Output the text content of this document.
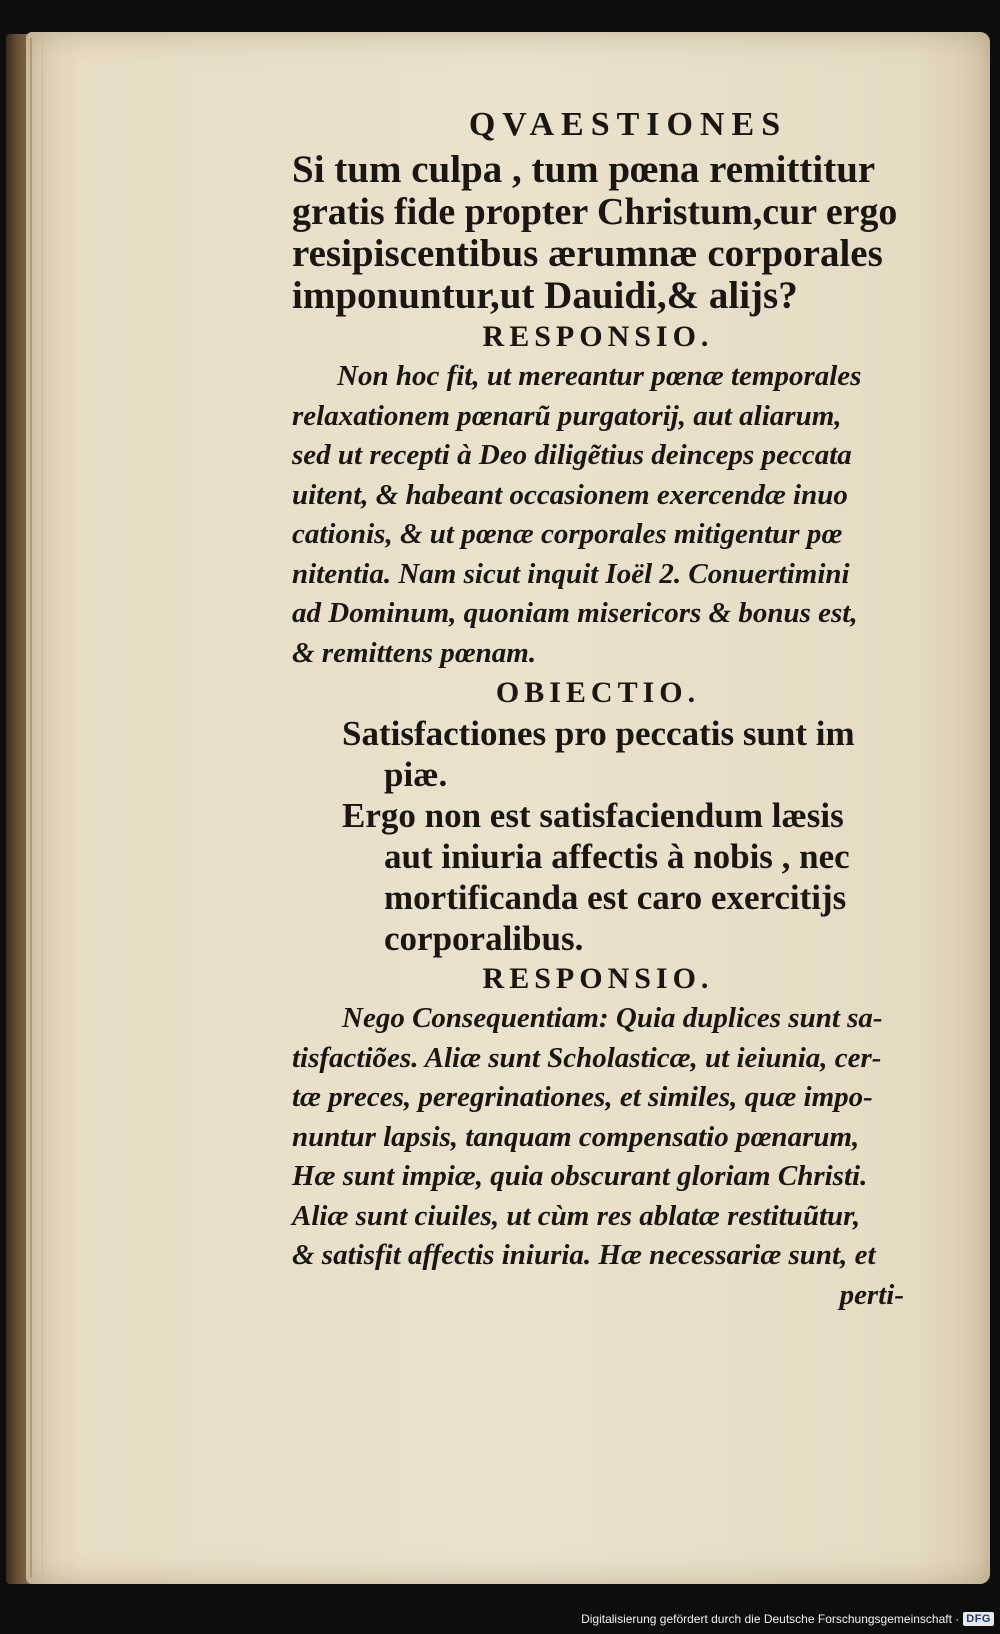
QVAESTIONES
Si tum culpa , tum pœna remittitur
gratis fide propter Christum,cur ergo
resipiscentibus ærumnæ corporales
imponuntur,ut Dauidi,& alijs?
RESPONSIO.
Non hoc fit, ut mereantur pœnæ temporales
relaxationem pœnarũ purgatorij, aut aliarum,
sed ut recepti à Deo diligẽtius deinceps peccata
uitent, & habeant occasionem exercendæ inuo
cationis, & ut pœnæ corporales mitigentur pœ
nitentia. Nam sicut inquit Ioël 2. Conuertimini
ad Dominum, quoniam misericors & bonus est,
& remittens pœnam.
OBIECTIO.
Satisfactiones pro peccatis sunt im
piæ.
Ergo non est satisfaciendum læsis
aut iniuria affectis à nobis , nec
mortificanda est caro exercitijs
corporalibus.
RESPONSIO.
Nego Consequentiam: Quia duplices sunt sa-
tisfactiões. Aliæ sunt Scholasticæ, ut ieiunia, cer-
tæ preces, peregrinationes, et similes, quæ impo-
nuntur lapsis, tanquam compensatio pœnarum,
Hæ sunt impiæ, quia obscurant gloriam Christi.
Aliæ sunt ciuiles, ut cùm res ablatæ restituũtur,
& satisfit affectis iniuria. Hæ necessariæ sunt, et
perti-
Digitalisierung gefördert durch die Deutsche Forschungsgemeinschaft · DFG
